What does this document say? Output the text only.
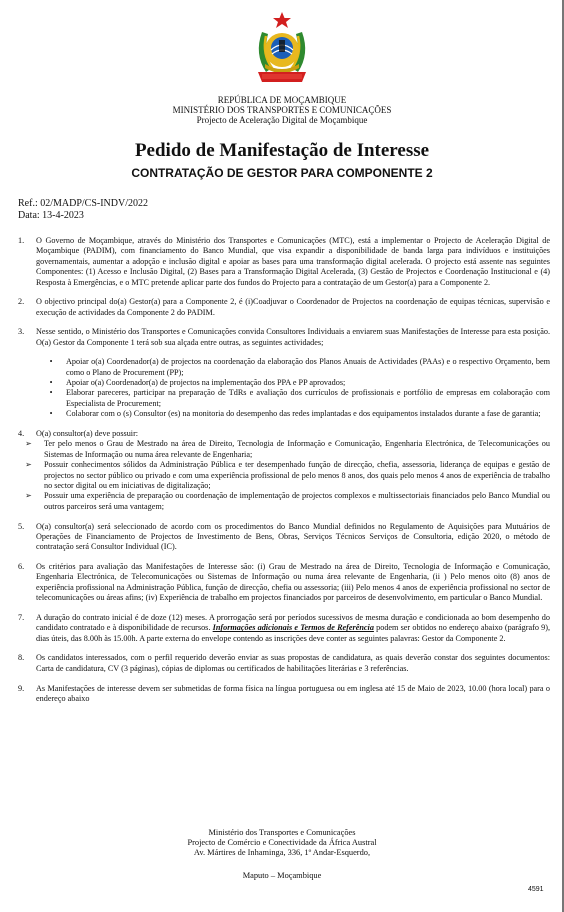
REPÚBLICA DE MOÇAMBIQUE
MINISTÉRIO DOS TRANSPORTES E COMUNICAÇÕES
Projecto de Aceleração Digital de Moçambique
Pedido de Manifestação de Interesse
CONTRATAÇÃO DE GESTOR PARA COMPONENTE 2
Ref.: 02/MADP/CS-INDV/2022
Data: 13-4-2023
1.	O Governo de Moçambique, através do Ministério dos Transportes e Comunicações (MTC), está a implementar o Projecto de Aceleração Digital de Moçambique (PADIM), com financiamento do Banco Mundial, que visa expandir a disponibilidade de banda larga para indivíduos e instituições governamentais, aumentar a adopção e inclusão digital e apoiar as bases para uma transformação digital acelerada. O projecto está assente nas seguintes Componentes: (1) Acesso e Inclusão Digital, (2) Bases para a Transformação Digital Acelerada, (3) Gestão de Projectos e Coordenação Institucional e (4) Resposta à Emergências, e o MTC pretende aplicar parte dos fundos do Projecto para a contratação de um Gestor(a) para a Componente 2.
2.	O objectivo principal do(a) Gestor(a) para a Componente 2, é (i)Coadjuvar o Coordenador de Projectos na coordenação de equipas técnicas, supervisão e execução de actividades da Componente 2 do PADIM.
3.	Nesse sentido, o Ministério dos Transportes e Comunicações convida Consultores Individuais a enviarem suas Manifestações de Interesse para esta posição. O(a) Gestor da Componente 1 terá sob sua alçada entre outras, as seguintes actividades;
•	Apoiar o(a) Coordenador(a) de projectos na coordenação da elaboração dos Planos Anuais de Actividades (PAAs) e o respectivo Orçamento, bem como o Plano de Procurement (PP);
•	Apoiar o(a) Coordenador(a) de projectos na implementação dos PPA e PP aprovados;
•	Elaborar pareceres, participar na preparação de TdRs e avaliação dos currículos de profissionais e portfólio de empresas em colaboração com Especialista de Procurement;
•	Colaborar com o (s) Consultor (es) na monitoria do desempenho das redes implantadas e dos equipamentos instalados durante a fase de garantia;
4.	O(a) consultor(a) deve possuir:
➢	Ter pelo menos o Grau de Mestrado na área de Direito, Tecnologia de Informação e Comunicação, Engenharia Electrónica, de Telecomunicações ou Sistemas de Informação ou numa área relevante de Engenharia;
➢	Possuir conhecimentos sólidos da Administração Pública e ter desempenhado função de direcção, chefia, assessoria, liderança de equipas e gestão de projectos no sector público ou privado e com uma experiência profissional de pelo menos 8 anos, dos quais pelo menos 4 anos de experiência de trabalho no sector digital ou em iniciativas de digitalização;
➢	Possuir uma experiência de preparação ou coordenação de implementação de projectos complexos e multissectoriais financiados pelo Banco Mundial ou outros parceiros será uma vantagem;
5.	O(a) consultor(a) será seleccionado de acordo com os procedimentos do Banco Mundial definidos no Regulamento de Aquisições para Mutuários de Operações de Financiamento de Projectos de Investimento de Bens, Obras, Serviços Técnicos Serviços de Consultoria, edição 2020, o método de contratação será Consultor Individual (IC).
6.	Os critérios para avaliação das Manifestações de Interesse são: (i) Grau de Mestrado na área de Direito, Tecnologia de Informação e Comunicação, Engenharia Electrónica, de Telecomunicações ou Sistemas de Informação ou numa área relevante de Engenharia, (ii ) Pelo menos oito (8) anos de experiência profissional na Administração Pública, função de direcção, chefia ou assessoria; (iii) Pelo menos 4 anos de experiência profissional no sector de telecomunicações ou áreas afins; (iv) Experiência de trabalho em projectos financiados por parceiros de desenvolvimento, em particular o Banco Mundial.
7.	A duração do contrato inicial é de doze (12) meses. A prorrogação será por períodos sucessivos de mesma duração e condicionada ao bom desempenho do candidato contratado e à disponibilidade de recursos. Informações adicionais e Termos de Referência podem ser obtidos no endereço abaixo (parágrafo 9), dias úteis, das 8.00h às 15.00h. A parte externa do envelope contendo as inscrições deve conter as seguintes palavras: Gestor da Componente 2.
8.	Os candidatos interessados, com o perfil requerido deverão enviar as suas propostas de candidatura, as quais deverão constar dos seguintes documentos: Carta de candidatura, CV (3 páginas), cópias de diplomas ou certificados de habilitações literárias e 3 referências.
9.	As Manifestações de interesse devem ser submetidas de forma física na língua portuguesa ou em inglesa até 15 de Maio de 2023, 10.00 (hora local) para o endereço abaixo
Ministério dos Transportes e Comunicações
Projecto de Comércio e Conectividade da África Austral
Av. Mártires de Inhaminga, 336, 1º Andar-Esquerdo,
Maputo – Moçambique
4591
